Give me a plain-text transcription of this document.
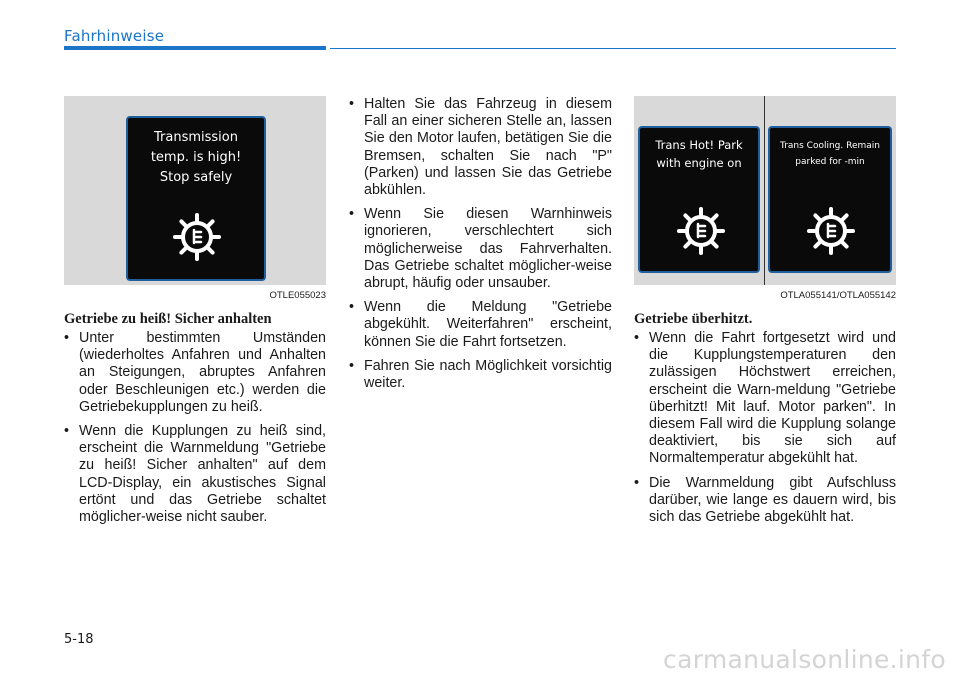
Fahrhinweise
Transmission
temp. is high!
Stop safely
OTLE055023
Getriebe zu heiß! Sicher anhalten
• Unter bestimmten Umständen (wiederholtes Anfahren und Anhalten an Steigungen, abruptes Anfahren oder Beschleunigen etc.) werden die Getriebekupplungen zu heiß.
• Wenn die Kupplungen zu heiß sind, erscheint die Warnmeldung "Getriebe zu heiß! Sicher anhalten" auf dem LCD-Display, ein akustisches Signal ertönt und das Getriebe schaltet möglicher-weise nicht sauber.
• Halten Sie das Fahrzeug in diesem Fall an einer sicheren Stelle an, lassen Sie den Motor laufen, betätigen Sie die Bremsen, schalten Sie nach "P" (Parken) und lassen Sie das Getriebe abkühlen.
• Wenn Sie diesen Warnhinweis ignorieren, verschlechtert sich möglicherweise das Fahrverhalten. Das Getriebe schaltet möglicher-weise abrupt, häufig oder unsauber.
• Wenn die Meldung "Getriebe abgekühlt. Weiterfahren" erscheint, können Sie die Fahrt fortsetzen.
• Fahren Sie nach Möglichkeit vorsichtig weiter.
Trans Hot! Park
with engine on
Trans Cooling. Remain
parked for -min
OTLA055141/OTLA055142
Getriebe überhitzt.
• Wenn die Fahrt fortgesetzt wird und die Kupplungstemperaturen den zulässigen Höchstwert erreichen, erscheint die Warn-meldung "Getriebe überhitzt! Mit lauf. Motor parken". In diesem Fall wird die Kupplung solange deaktiviert, bis sie sich auf Normaltemperatur abgekühlt hat.
• Die Warnmeldung gibt Aufschluss darüber, wie lange es dauern wird, bis sich das Getriebe abgekühlt hat.
5-18
carmanualsonline.info
